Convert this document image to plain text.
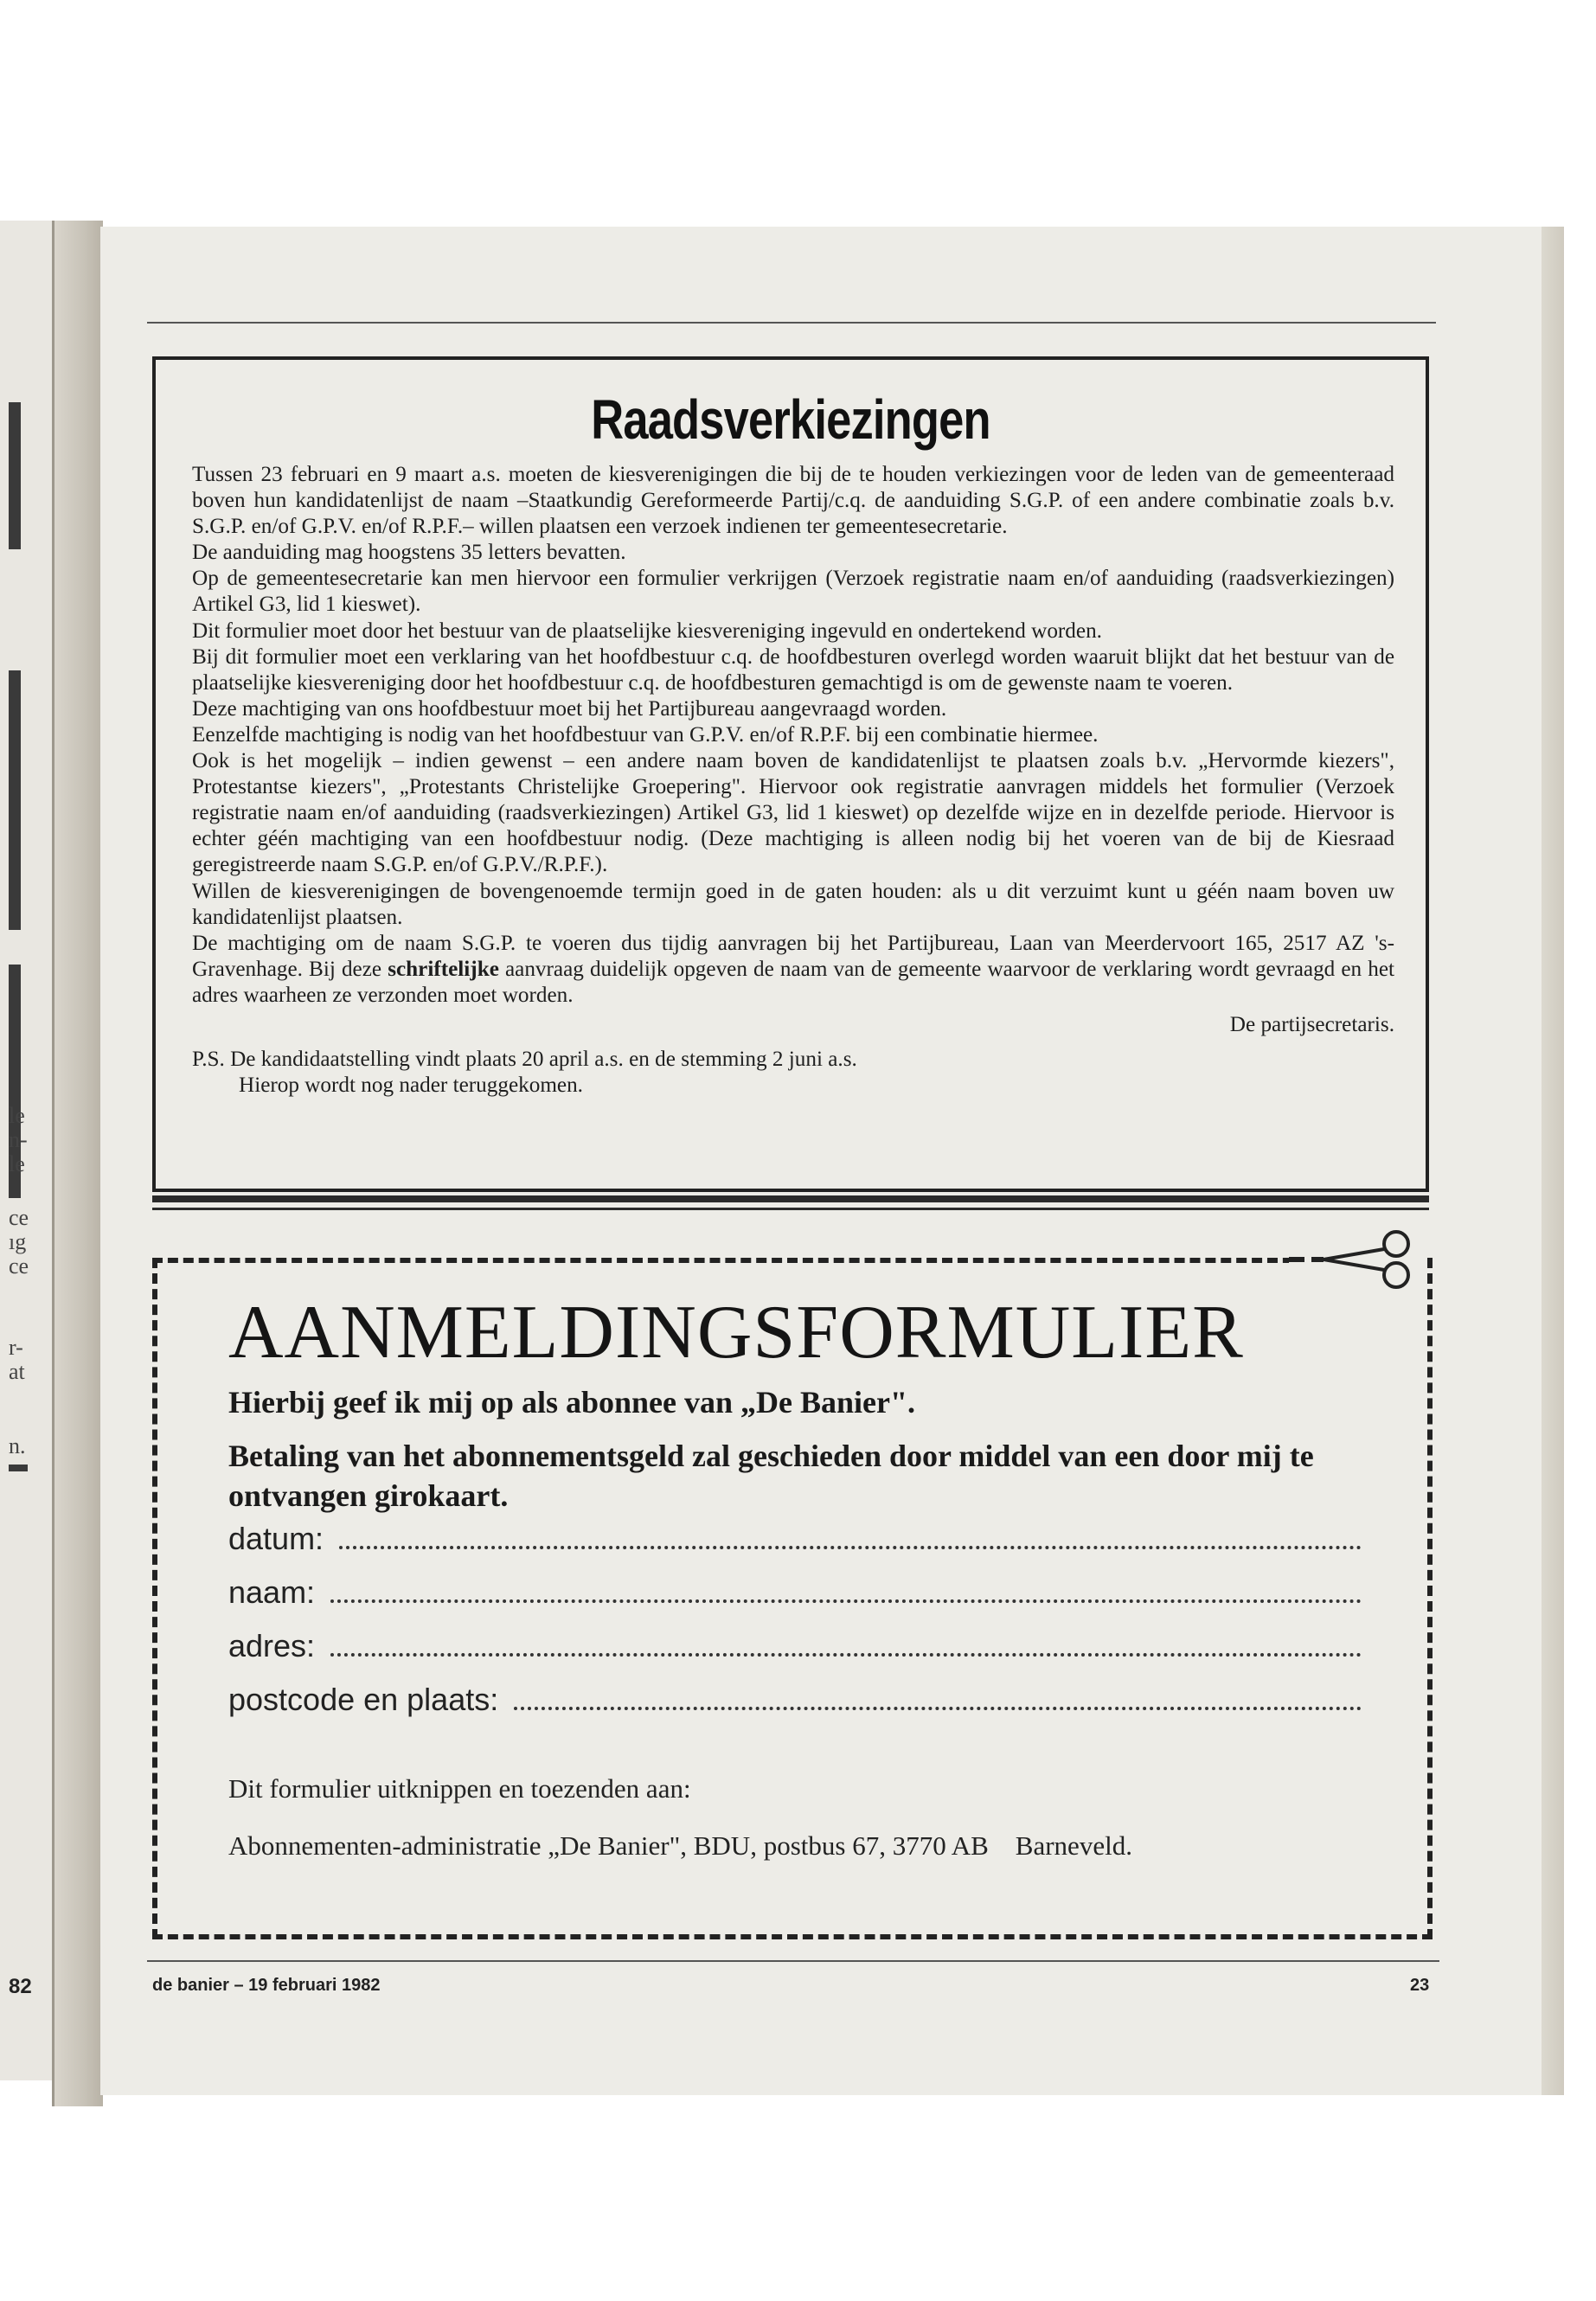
le
n-
le
ce
ıg
ce
r-
at
n.
82
Raadsverkiezingen

Tussen 23 februari en 9 maart a.s. moeten de kiesverenigingen die bij de te houden verkiezingen voor de leden van de gemeenteraad boven hun kandidatenlijst de naam –Staatkundig Gereformeerde Partij/c.q. de aanduiding S.G.P. of een andere combinatie zoals b.v. S.G.P. en/of G.P.V. en/of R.P.F.– willen plaatsen een verzoek indienen ter gemeentesecretarie.

De aanduiding mag hoogstens 35 letters bevatten.

Op de gemeentesecretarie kan men hiervoor een formulier verkrijgen (Verzoek registratie naam en/of aanduiding (raadsverkiezingen) Artikel G3, lid 1 kieswet).

Dit formulier moet door het bestuur van de plaatselijke kiesvereniging ingevuld en ondertekend worden.

Bij dit formulier moet een verklaring van het hoofdbestuur c.q. de hoofdbesturen overlegd worden waaruit blijkt dat het bestuur van de plaatselijke kiesvereniging door het hoofdbestuur c.q. de hoofdbesturen gemachtigd is om de gewenste naam te voeren.

Deze machtiging van ons hoofdbestuur moet bij het Partijbureau aangevraagd worden.

Eenzelfde machtiging is nodig van het hoofdbestuur van G.P.V. en/of R.P.F. bij een combinatie hiermee.

Ook is het mogelijk – indien gewenst – een andere naam boven de kandidatenlijst te plaatsen zoals b.v. „Hervormde kiezers", Protestantse kiezers", „Protestants Christelijke Groepering". Hiervoor ook registratie aanvragen middels het formulier (Verzoek registratie naam en/of aanduiding (raadsverkiezingen) Artikel G3, lid 1 kieswet) op dezelfde wijze en in dezelfde periode. Hiervoor is echter géén machtiging van een hoofdbestuur nodig. (Deze machtiging is alleen nodig bij het voeren van de bij de Kiesraad geregistreerde naam S.G.P. en/of G.P.V./R.P.F.).

Willen de kiesverenigingen de bovengenoemde termijn goed in de gaten houden: als u dit verzuimt kunt u géén naam boven uw kandidatenlijst plaatsen.

De machtiging om de naam S.G.P. te voeren dus tijdig aanvragen bij het Partijbureau, Laan van Meerdervoort 165, 2517 AZ 's-Gravenhage. Bij deze schriftelijke aanvraag duidelijk opgeven de naam van de gemeente waarvoor de verklaring wordt gevraagd en het adres waarheen ze verzonden moet worden.

De partijsecretaris.

P.S. De kandidaatstelling vindt plaats 20 april a.s. en de stemming 2 juni a.s.

Hierop wordt nog nader teruggekomen.

AANMELDINGSFORMULIER
Hierbij geef ik mij op als abonnee van „De Banier".
Betaling van het abonnementsgeld zal geschieden door middel van een door mij te ontvangen girokaart.
datum:
naam:
adres:
postcode en plaats:
Dit formulier uitknippen en toezenden aan:
Abonnementen-administratie „De Banier", BDU, postbus 67, 3770 AB Barneveld.
de banier – 19 februari 1982	23
